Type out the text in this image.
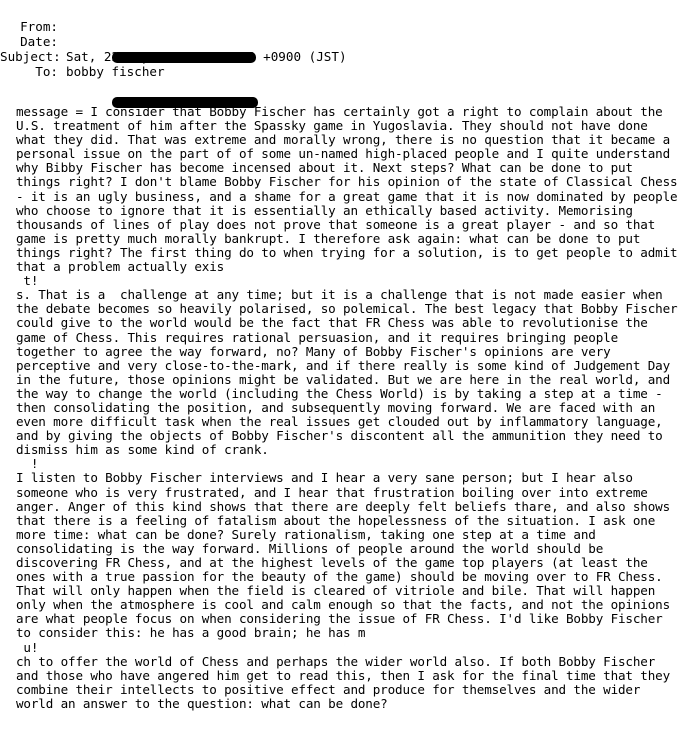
From:

Date:

Sat, 22 May 2004 17:18:22 +0900 (JST)

Subject:

bobby fischer

To:

message = I consider that Bobby Fischer has certainly got a right to complain about the
U.S. treatment of him after the Spassky game in Yugoslavia. They should not have done
what they did. That was extreme and morally wrong, there is no question that it became a
personal issue on the part of of some un-named high-placed people and I quite understand
why Bibby Fischer has become incensed about it. Next steps? What can be done to put
things right? I don't blame Bobby Fischer for his opinion of the state of Classical Chess
- it is an ugly business, and a shame for a great game that it is now dominated by people
who choose to ignore that it is essentially an ethically based activity. Memorising
thousands of lines of play does not prove that someone is a great player - and so that
game is pretty much morally bankrupt. I therefore ask again: what can be done to put
things right? The first thing do to when trying for a solution, is to get people to admit
that a problem actually exis
t!
s. That is a  challenge at any time; but it is a challenge that is not made easier when
the debate becomes so heavily polarised, so polemical. The best legacy that Bobby Fischer
could give to the world would be the fact that FR Chess was able to revolutionise the
game of Chess. This requires rational persuasion, and it requires bringing people
together to agree the way forward, no? Many of Bobby Fischer's opinions are very
perceptive and very close-to-the-mark, and if there really is some kind of Judgement Day
in the future, those opinions might be validated. But we are here in the real world, and
the way to change the world (including the Chess World) is by taking a step at a time -
then consolidating the position, and subsequently moving forward. We are faced with an
even more difficult task when the real issues get clouded out by inflammatory language,
and by giving the objects of Bobby Fischer's discontent all the ammunition they need to
dismiss him as some kind of crank.
!
I listen to Bobby Fischer interviews and I hear a very sane person; but I hear also
someone who is very frustrated, and I hear that frustration boiling over into extreme
anger. Anger of this kind shows that there are deeply felt beliefs thare, and also shows
that there is a feeling of fatalism about the hopelessness of the situation. I ask one
more time: what can be done? Surely rationalism, taking one step at a time and
consolidating is the way forward. Millions of people around the world should be
discovering FR Chess, and at the highest levels of the game top players (at least the
ones with a true passion for the beauty of the game) should be moving over to FR Chess.
That will only happen when the field is cleared of vitriole and bile. That will happen
only when the atmosphere is cool and calm enough so that the facts, and not the opinions
are what people focus on when considering the issue of FR Chess. I'd like Bobby Fischer
to consider this: he has a good brain; he has m
u!
ch to offer the world of Chess and perhaps the wider world also. If both Bobby Fischer
and those who have angered him get to read this, then I ask for the final time that they
combine their intellects to positive effect and produce for themselves and the wider
world an answer to the question: what can be done?
